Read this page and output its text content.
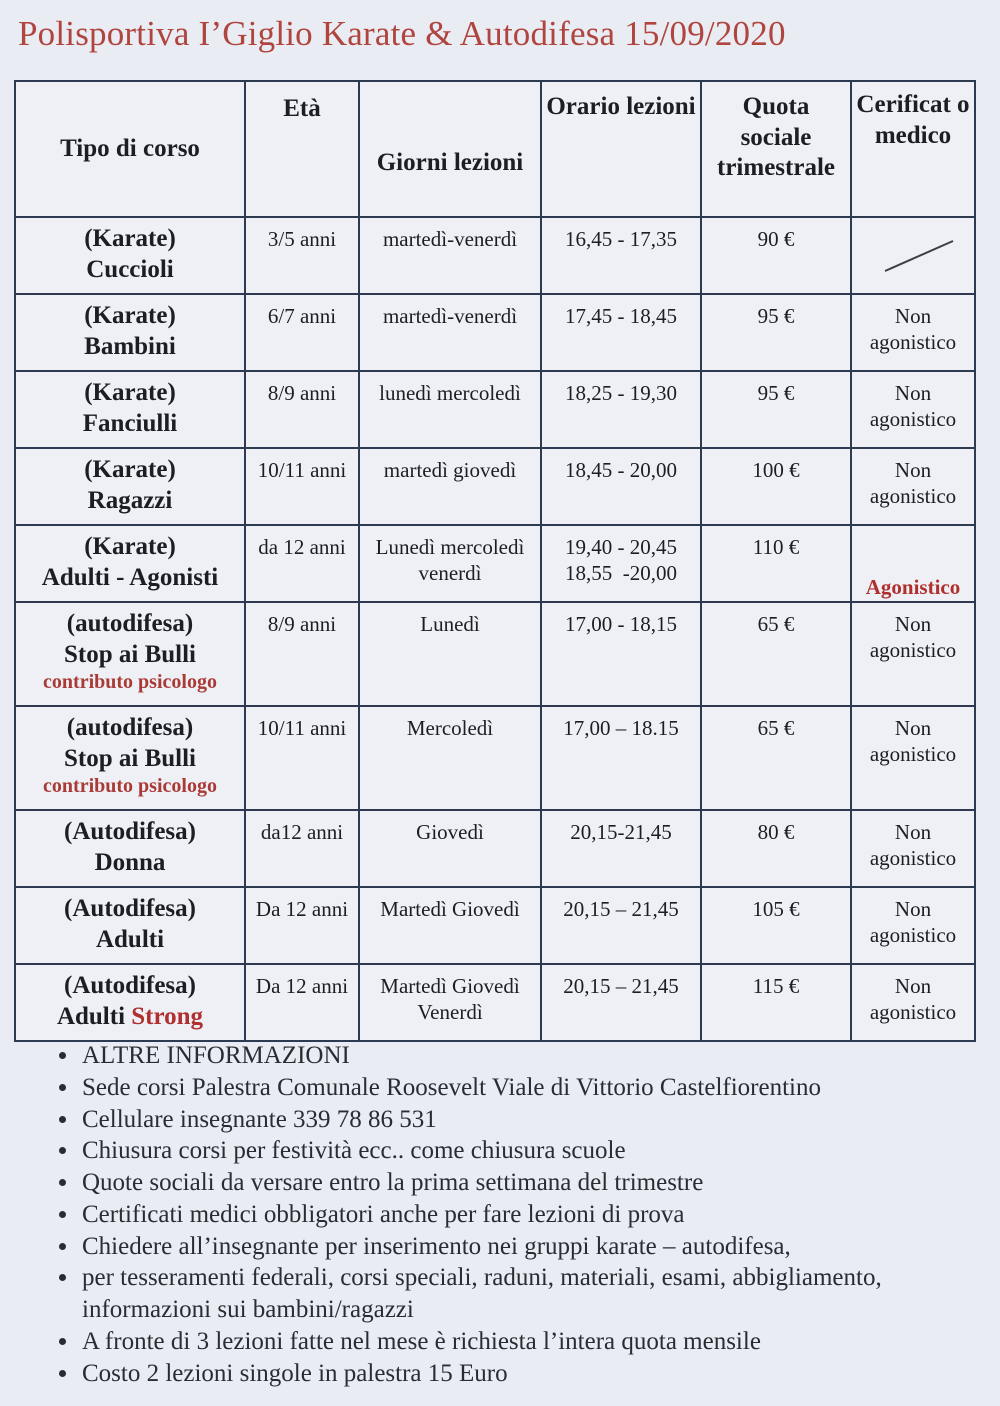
Polisportiva I’Giglio Karate & Autodifesa 15/09/2020
Tipo di corso	Età	Giorni lezioni	Orario lezioni	Quota sociale trimestrale	Cerificat o medico

(Karate)
Cuccioli	3/5 anni	martedì-venerdì	16,45 - 17,35	90 €	

(Karate)
Bambini	6/7 anni	martedì-venerdì	17,45 - 18,45	95 €	Non agonistico

(Karate)
Fanciulli	8/9 anni	lunedì mercoledì	18,25 - 19,30	95 €	Non agonistico

(Karate)
Ragazzi	10/11 anni	martedì giovedì	18,45 - 20,00	100 €	Non agonistico

(Karate)
Adulti - Agonisti	da 12 anni	Lunedì mercoledì venerdì	19,40 - 20,45
18,55  -20,00	110 €	Agonistico

(autodifesa)
Stop ai Bulli
contributo psicologo	8/9 anni	Lunedì	17,00 - 18,15	65 €	Non agonistico

(autodifesa)
Stop ai Bulli
contributo psicologo	10/11 anni	Mercoledì	17,00 – 18.15	65 €	Non agonistico

(Autodifesa)
Donna	da12 anni	Giovedì	20,15-21,45	80 €	Non agonistico

(Autodifesa)
Adulti	Da 12 anni	Martedì Giovedì	20,15 – 21,45	105 €	Non agonistico

(Autodifesa)
Adulti Strong	Da 12 anni	Martedì Giovedì Venerdì	20,15 – 21,45	115 €	Non agonistico
• ALTRE INFORMAZIONI
• Sede corsi Palestra Comunale Roosevelt Viale di Vittorio Castelfiorentino
• Cellulare insegnante 339 78 86 531
• Chiusura corsi per festività ecc.. come chiusura scuole
• Quote sociali da versare entro la prima settimana del trimestre
• Certificati medici obbligatori anche per fare lezioni di prova
• Chiedere all’insegnante per inserimento nei gruppi karate – autodifesa,
• per tesseramenti federali, corsi speciali, raduni, materiali, esami, abbigliamento, informazioni sui bambini/ragazzi
• A fronte di 3 lezioni fatte nel mese è richiesta l’intera quota mensile
• Costo 2 lezioni singole in palestra 15 Euro
